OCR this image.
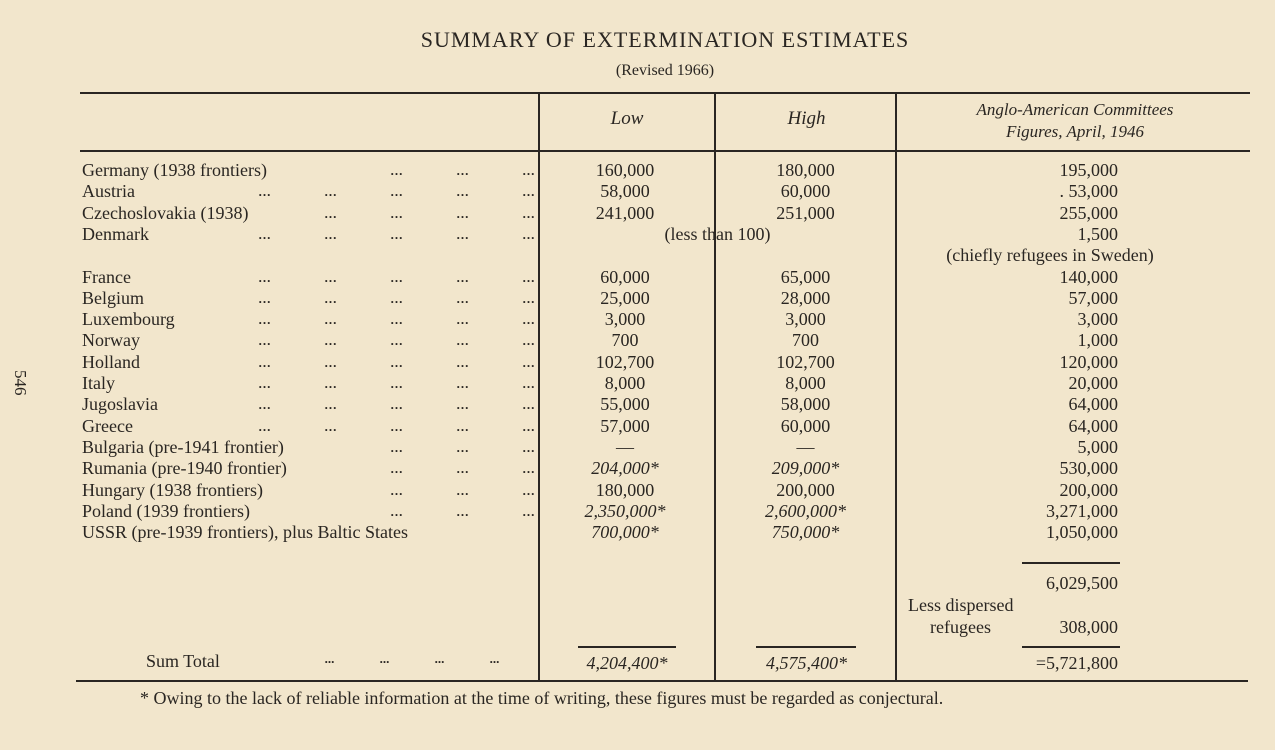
SUMMARY OF EXTERMINATION ESTIMATES
(Revised 1966)
546
Low	High	Anglo-American Committees
Figures, April, 1946
Germany (1938 frontiers)	...	...	...	160,000	180,000	195,000
Austria	...	...	...	...	...	58,000	60,000	. 53,000
Czechoslovakia (1938)	...	...	...	...	241,000	251,000	255,000
Denmark	...	...	...	...	...	(less than 100)	1,500
(chiefly refugees in Sweden)
France	...	...	...	...	...	60,000	65,000	140,000
Belgium	...	...	...	...	...	25,000	28,000	57,000
Luxembourg	...	...	...	...	...	3,000	3,000	3,000
Norway	...	...	...	...	...	700	700	1,000
Holland	...	...	...	...	...	102,700	102,700	120,000
Italy	...	...	...	...	...	8,000	8,000	20,000
Jugoslavia	...	...	...	...	...	55,000	58,000	64,000
Greece	...	...	...	...	...	57,000	60,000	64,000
Bulgaria (pre-1941 frontier)	...	...	...	—	—	5,000
Rumania (pre-1940 frontier)	...	...	...	204,000*	209,000*	530,000
Hungary (1938 frontiers)	...	...	...	180,000	200,000	200,000
Poland (1939 frontiers)	...	...	...	2,350,000*	2,600,000*	3,271,000
USSR (pre-1939 frontiers), plus Baltic States	700,000*	750,000*	1,050,000
6,029,500
Less dispersed
refugees	308,000
Sum Total	...	...	...	...	4,204,400*	4,575,400*	=5,721,800
* Owing to the lack of reliable information at the time of writing, these figures must be regarded as conjectural.
